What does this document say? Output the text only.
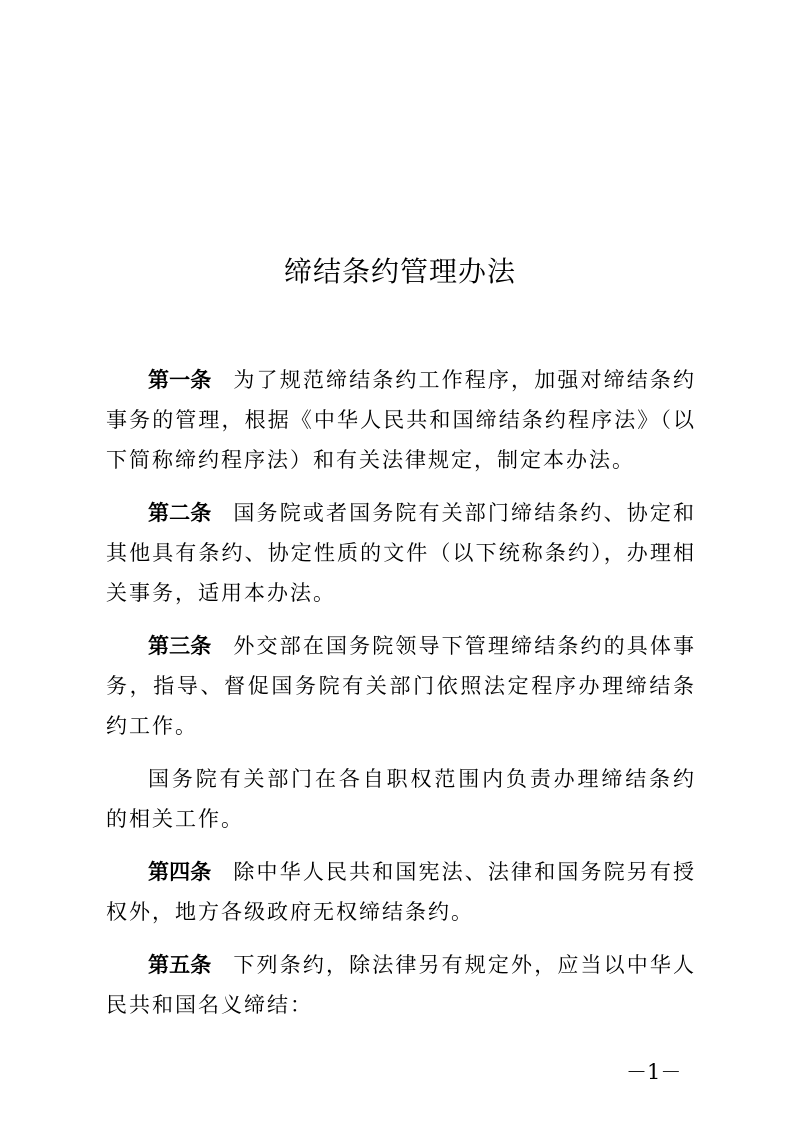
缔结条约管理办法

第一条 为了规范缔结条约工作程序，加强对缔结条约事务的管理，根据《中华人民共和国缔结条约程序法》（以下简称缔约程序法）和有关法律规定，制定本办法。

第二条 国务院或者国务院有关部门缔结条约、协定和其他具有条约、协定性质的文件（以下统称条约），办理相关事务，适用本办法。

第三条 外交部在国务院领导下管理缔结条约的具体事务，指导、督促国务院有关部门依照法定程序办理缔结条约工作。

国务院有关部门在各自职权范围内负责办理缔结条约的相关工作。

第四条 除中华人民共和国宪法、法律和国务院另有授权外，地方各级政府无权缔结条约。

第五条 下列条约，除法律另有规定外，应当以中华人民共和国名义缔结：

－1－
